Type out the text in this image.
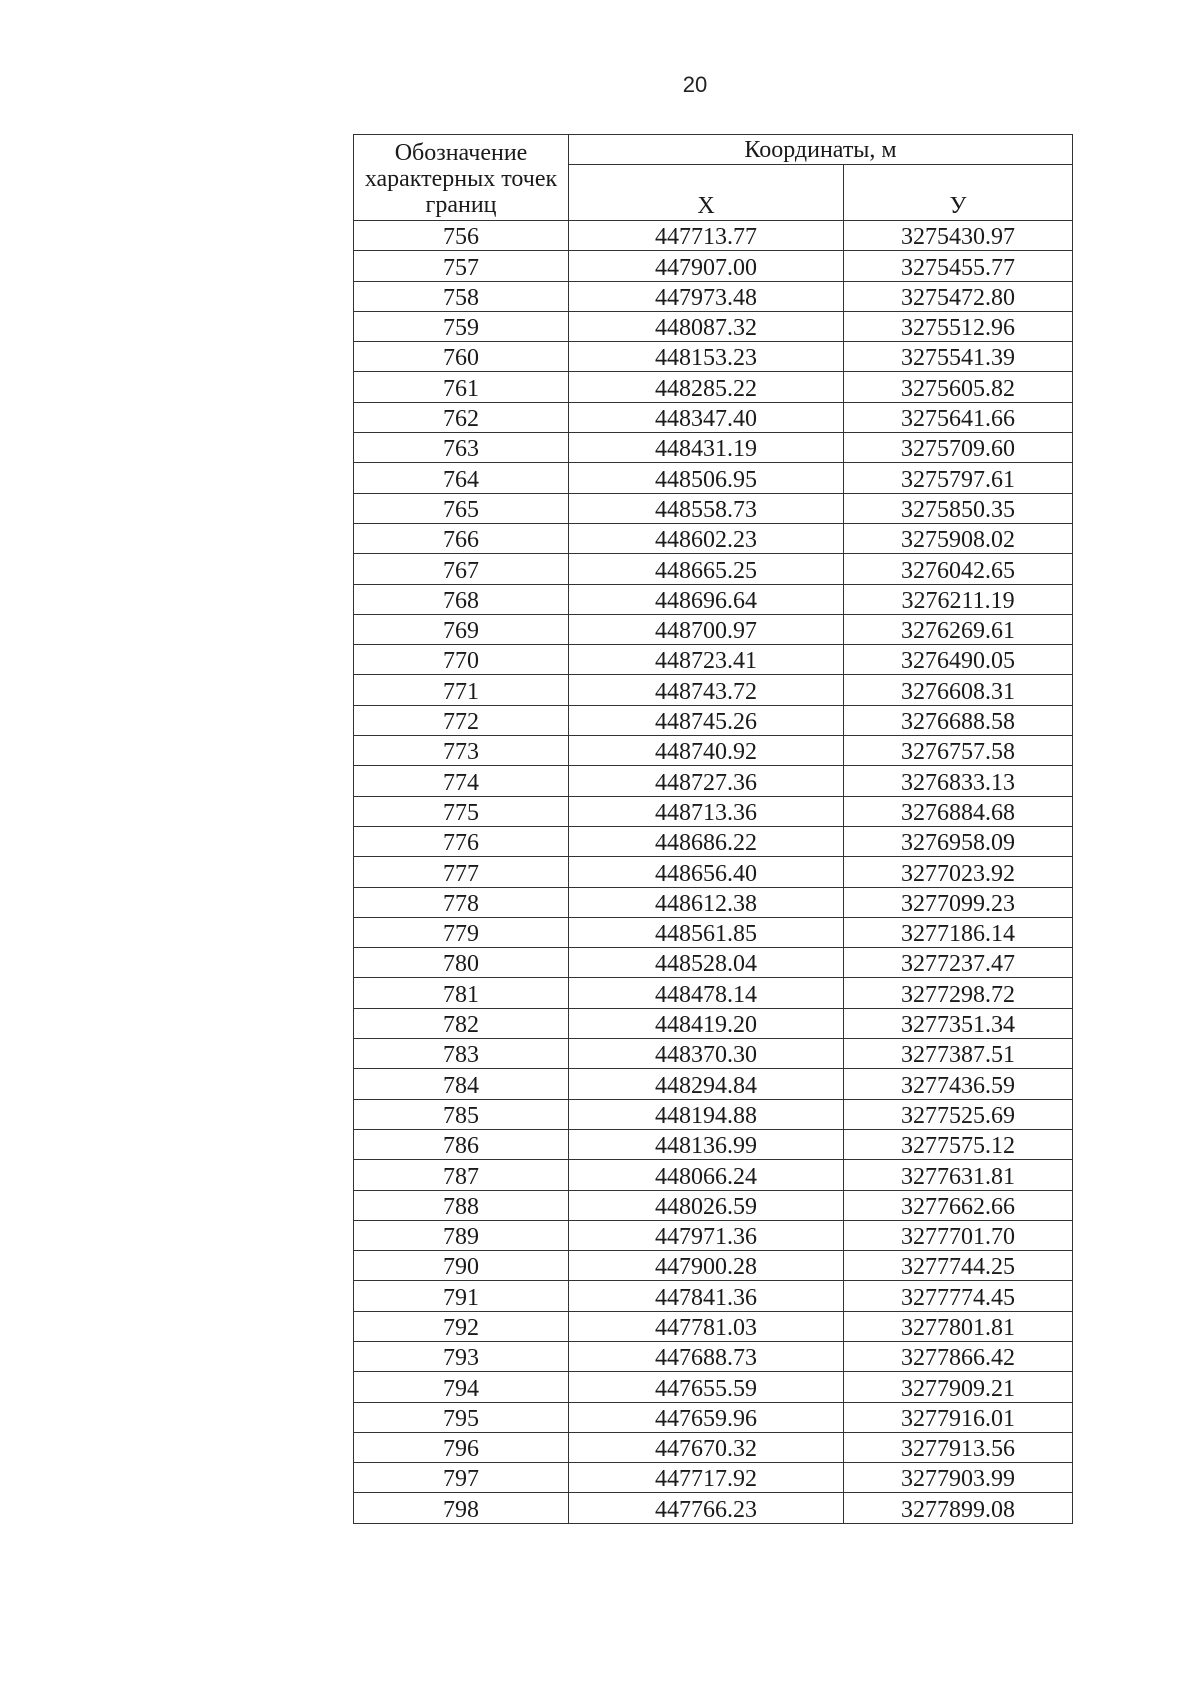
20
Обозначение характерных точек границ	Координаты, м	
	X	У
756	447713.77	3275430.97
757	447907.00	3275455.77
758	447973.48	3275472.80
759	448087.32	3275512.96
760	448153.23	3275541.39
761	448285.22	3275605.82
762	448347.40	3275641.66
763	448431.19	3275709.60
764	448506.95	3275797.61
765	448558.73	3275850.35
766	448602.23	3275908.02
767	448665.25	3276042.65
768	448696.64	3276211.19
769	448700.97	3276269.61
770	448723.41	3276490.05
771	448743.72	3276608.31
772	448745.26	3276688.58
773	448740.92	3276757.58
774	448727.36	3276833.13
775	448713.36	3276884.68
776	448686.22	3276958.09
777	448656.40	3277023.92
778	448612.38	3277099.23
779	448561.85	3277186.14
780	448528.04	3277237.47
781	448478.14	3277298.72
782	448419.20	3277351.34
783	448370.30	3277387.51
784	448294.84	3277436.59
785	448194.88	3277525.69
786	448136.99	3277575.12
787	448066.24	3277631.81
788	448026.59	3277662.66
789	447971.36	3277701.70
790	447900.28	3277744.25
791	447841.36	3277774.45
792	447781.03	3277801.81
793	447688.73	3277866.42
794	447655.59	3277909.21
795	447659.96	3277916.01
796	447670.32	3277913.56
797	447717.92	3277903.99
798	447766.23	3277899.08
